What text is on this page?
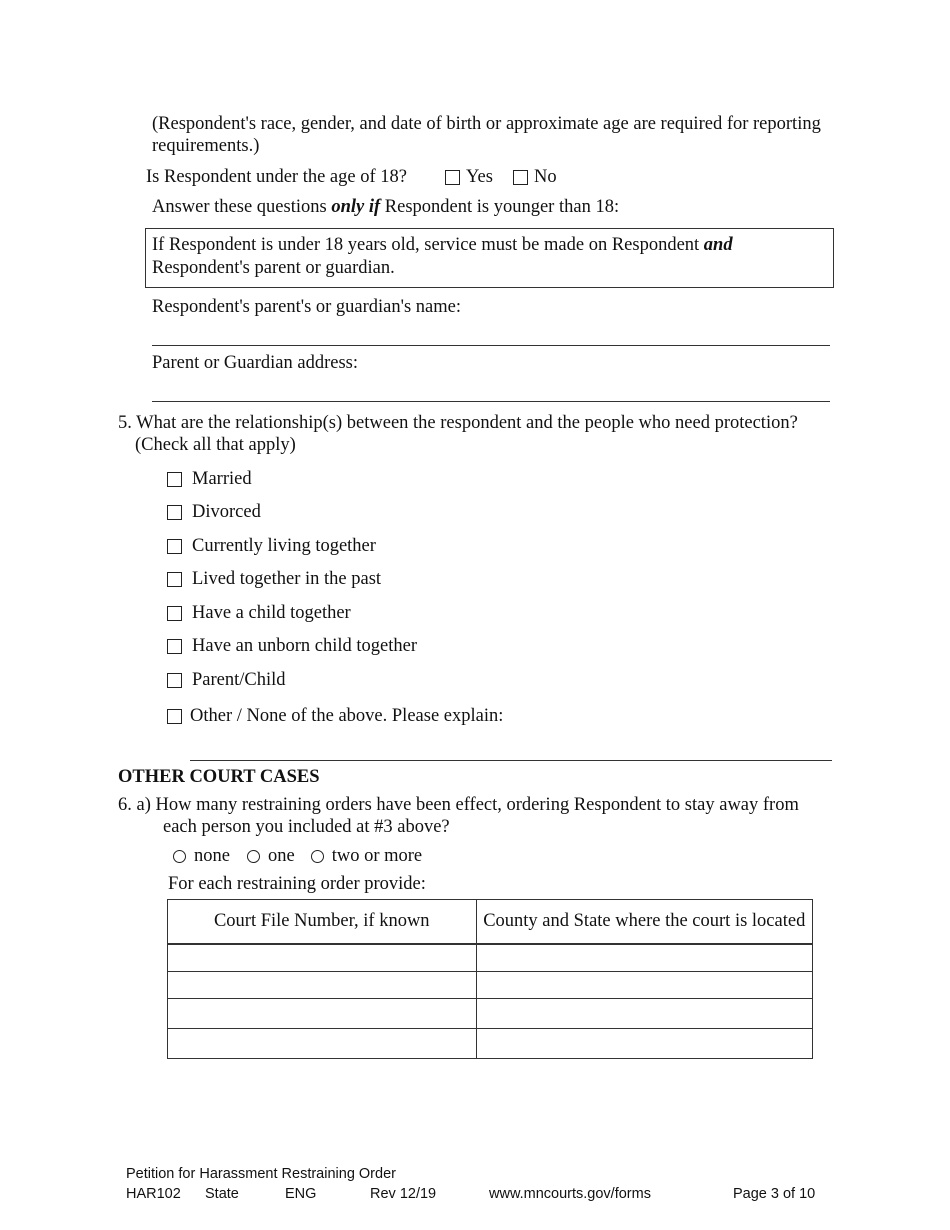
(Respondent's race, gender, and date of birth or approximate age are required for reporting
requirements.)
Is Respondent under the age of 18?	Yes No
Answer these questions only if Respondent is younger than 18:
If Respondent is under 18 years old, service must be made on Respondent and
Respondent's parent or guardian.
Respondent's parent's or guardian's name:
Parent or Guardian address:
5. What are the relationship(s) between the respondent and the people who need protection?
(Check all that apply)
Married
Divorced
Currently living together
Lived together in the past
Have a child together
Have an unborn child together
Parent/Child
Other / None of the above. Please explain:
OTHER COURT CASES
6. a) How many restraining orders have been effect, ordering Respondent to stay away from
each person you included at #3 above?
none one two or more
For each restraining order provide:
Court File Number, if known	County and State where the court is located

Petition for Harassment Restraining Order
HAR102 State	ENG	Rev 12/19	www.mncourts.gov/forms	Page 3 of 10
